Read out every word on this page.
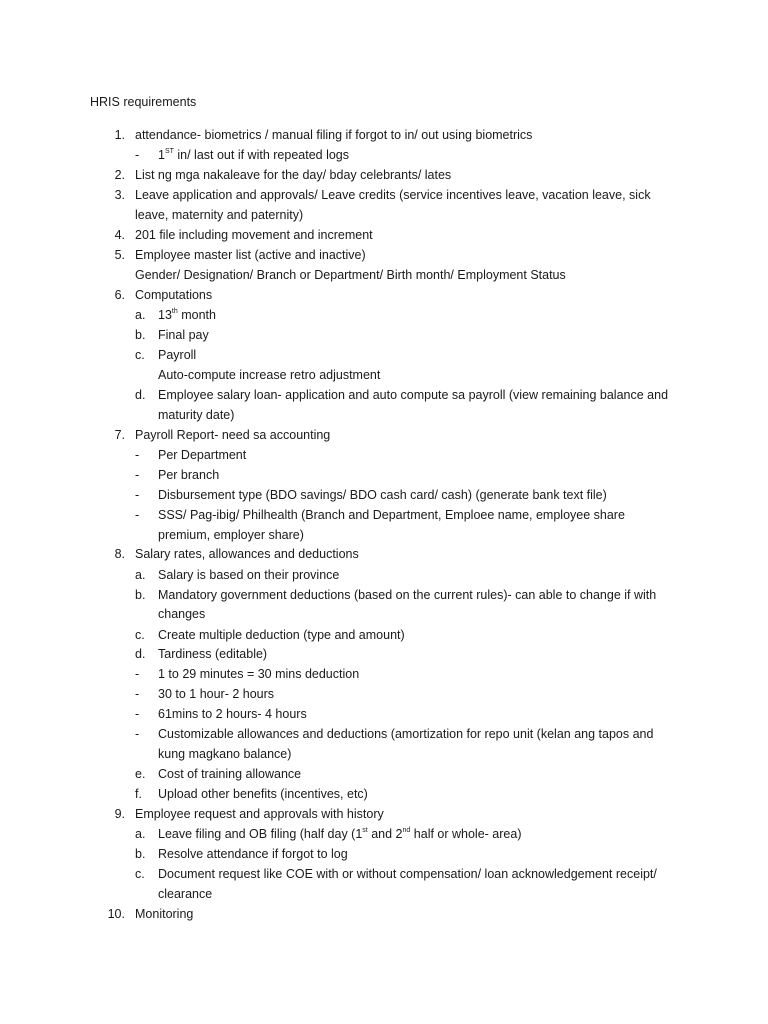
HRIS requirements
1. attendance- biometrics / manual filing if forgot to in/ out using biometrics
- 1ST in/ last out if with repeated logs
2. List ng mga nakaleave for the day/ bday celebrants/ lates
3. Leave application and approvals/ Leave credits (service incentives leave, vacation leave, sick
leave, maternity and paternity)
4. 201 file including movement and increment
5. Employee master list (active and inactive)
Gender/ Designation/ Branch or Department/ Birth month/ Employment Status
6. Computations
a. 13th month
b. Final pay
c. Payroll
Auto-compute increase retro adjustment
d. Employee salary loan- application and auto compute sa payroll (view remaining balance and
maturity date)
7. Payroll Report- need sa accounting
- Per Department
- Per branch
- Disbursement type (BDO savings/ BDO cash card/ cash) (generate bank text file)
- SSS/ Pag-ibig/ Philhealth (Branch and Department, Emploee name, employee share
premium, employer share)
8. Salary rates, allowances and deductions
a. Salary is based on their province
b. Mandatory government deductions (based on the current rules)- can able to change if with
changes
c. Create multiple deduction (type and amount)
d. Tardiness (editable)
- 1 to 29 minutes = 30 mins deduction
- 30 to 1 hour- 2 hours
- 61mins to 2 hours- 4 hours
- Customizable allowances and deductions (amortization for repo unit (kelan ang tapos and
kung magkano balance)
e. Cost of training allowance
f. Upload other benefits (incentives, etc)
9. Employee request and approvals with history
a. Leave filing and OB filing (half day (1st and 2nd half or whole- area)
b. Resolve attendance if forgot to log
c. Document request like COE with or without compensation/ loan acknowledgement receipt/
clearance
10. Monitoring
